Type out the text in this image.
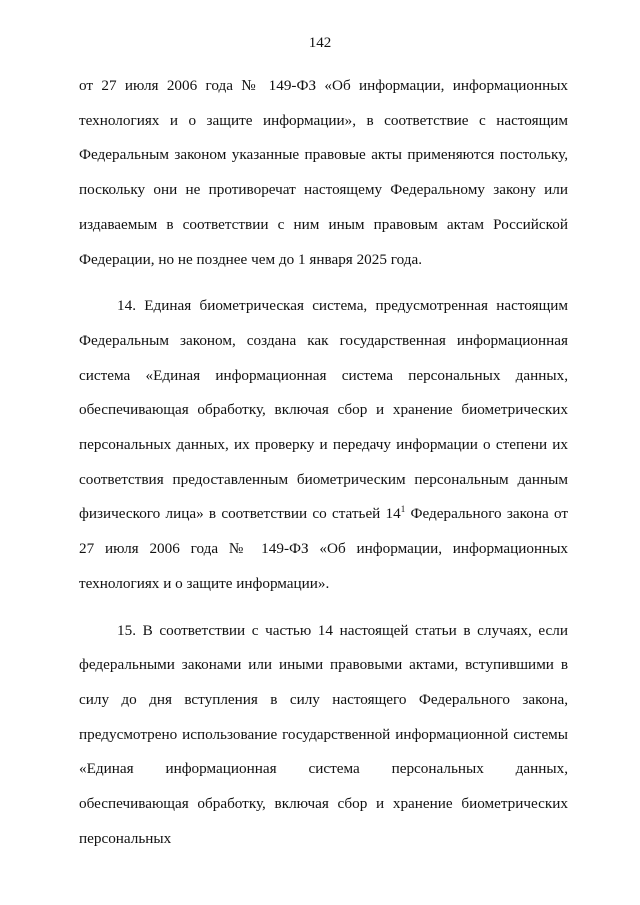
142

от 27 июля 2006 года № 149-ФЗ «Об информации, информационных технологиях и о защите информации», в соответствие с настоящим Федеральным законом указанные правовые акты применяются постольку, поскольку они не противоречат настоящему Федеральному закону или издаваемым в соответствии с ним иным правовым актам Российской Федерации, но не позднее чем до 1 января 2025 года.

14. Единая биометрическая система, предусмотренная настоящим Федеральным законом, создана как государственная информационная система «Единая информационная система персональных данных, обеспечивающая обработку, включая сбор и хранение биометрических персональных данных, их проверку и передачу информации о степени их соответствия предоставленным биометрическим персональным данным физического лица» в соответствии со статьей $14^1$ Федерального закона от 27 июля 2006 года № 149-ФЗ «Об информации, информационных технологиях и о защите информации».

15. В соответствии с частью 14 настоящей статьи в случаях, если федеральными законами или иными правовыми актами, вступившими в силу до дня вступления в силу настоящего Федерального закона, предусмотрено использование государственной информационной системы «Единая информационная система персональных данных, обеспечивающая обработку, включая сбор и хранение биометрических персональных
